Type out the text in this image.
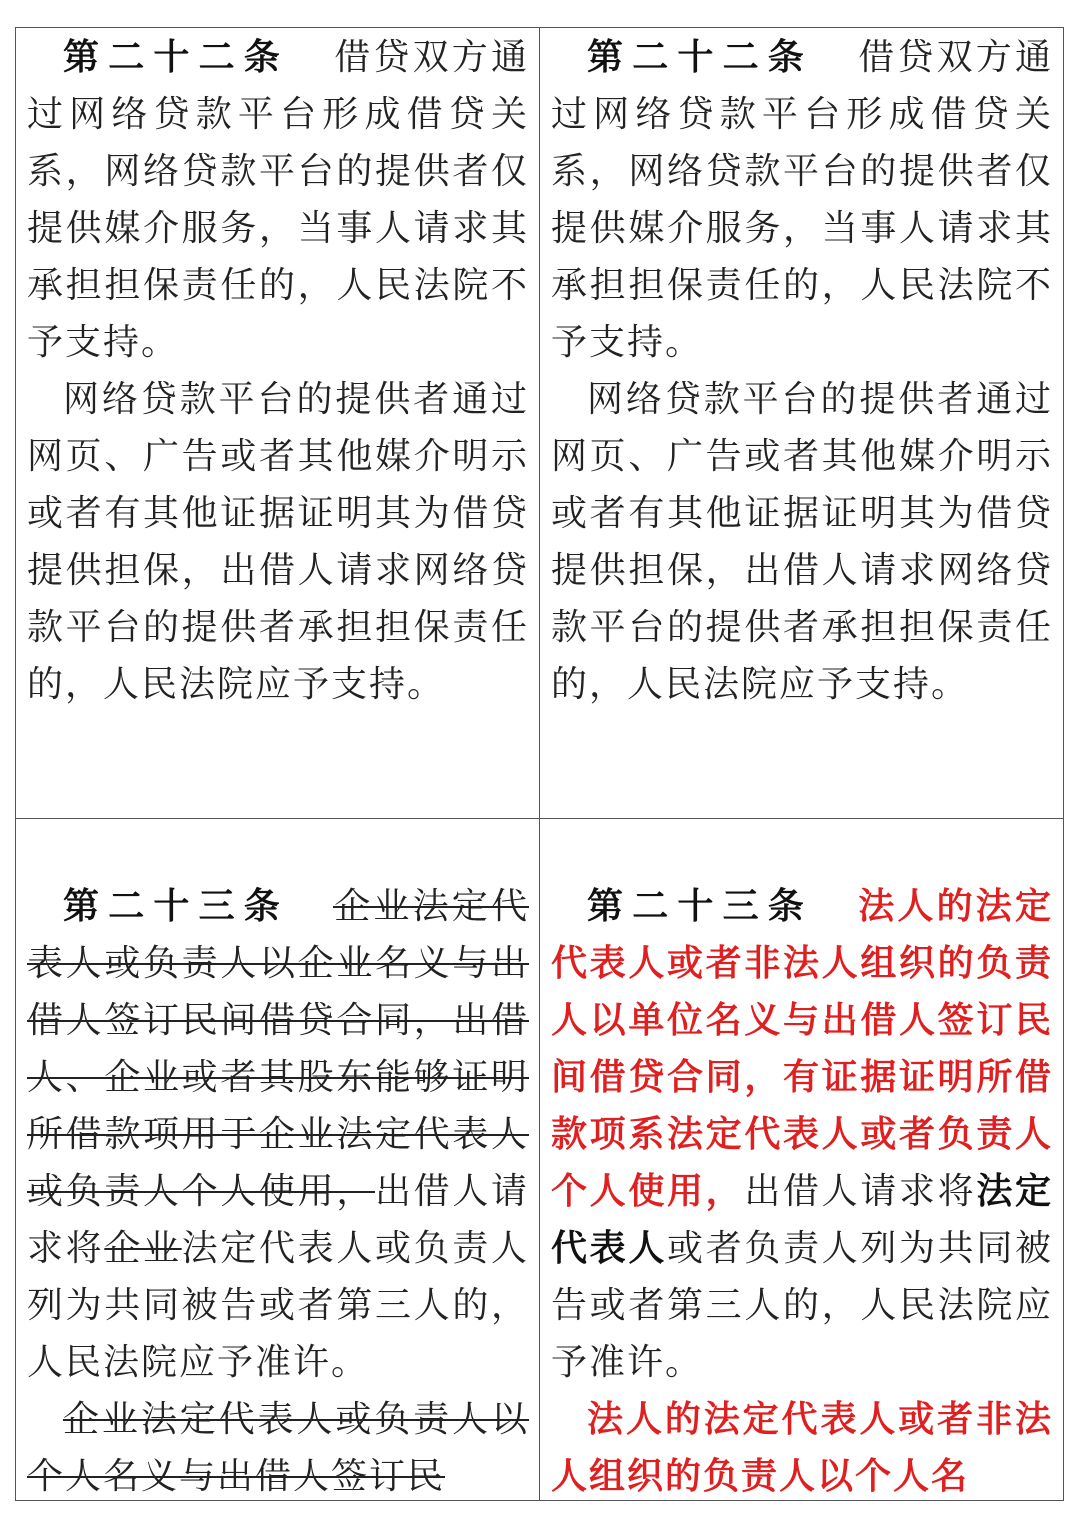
第二十二条 借贷双方通过网络贷款平台形成借贷关系，网络贷款平台的提供者仅提供媒介服务，当事人请求其承担担保责任的，人民法院不予支持。

网络贷款平台的提供者通过网页、广告或者其他媒介明示或者有其他证据证明其为借贷提供担保，出借人请求网络贷款平台的提供者承担担保责任的，人民法院应予支持。

第二十二条 借贷双方通过网络贷款平台形成借贷关系，网络贷款平台的提供者仅提供媒介服务，当事人请求其承担担保责任的，人民法院不予支持。

网络贷款平台的提供者通过网页、广告或者其他媒介明示或者有其他证据证明其为借贷提供担保，出借人请求网络贷款平台的提供者承担担保责任的，人民法院应予支持。

第二十三条 企业法定代表人或负责人以企业名义与出借人签订民间借贷合同，出借人、企业或者其股东能够证明所借款项用于企业法定代表人或负责人个人使用，出借人请求将企业法定代表人或负责人列为共同被告或者第三人的，人民法院应予准许。

企业法定代表人或负责人以个人名义与出借人签订民

第二十三条 法人的法定代表人或者非法人组织的负责人以单位名义与出借人签订民间借贷合同，有证据证明所借款项系法定代表人或者负责人个人使用，出借人请求将法定代表人或者负责人列为共同被告或者第三人的，人民法院应予准许。

法人的法定代表人或者非法人组织的负责人以个人名
